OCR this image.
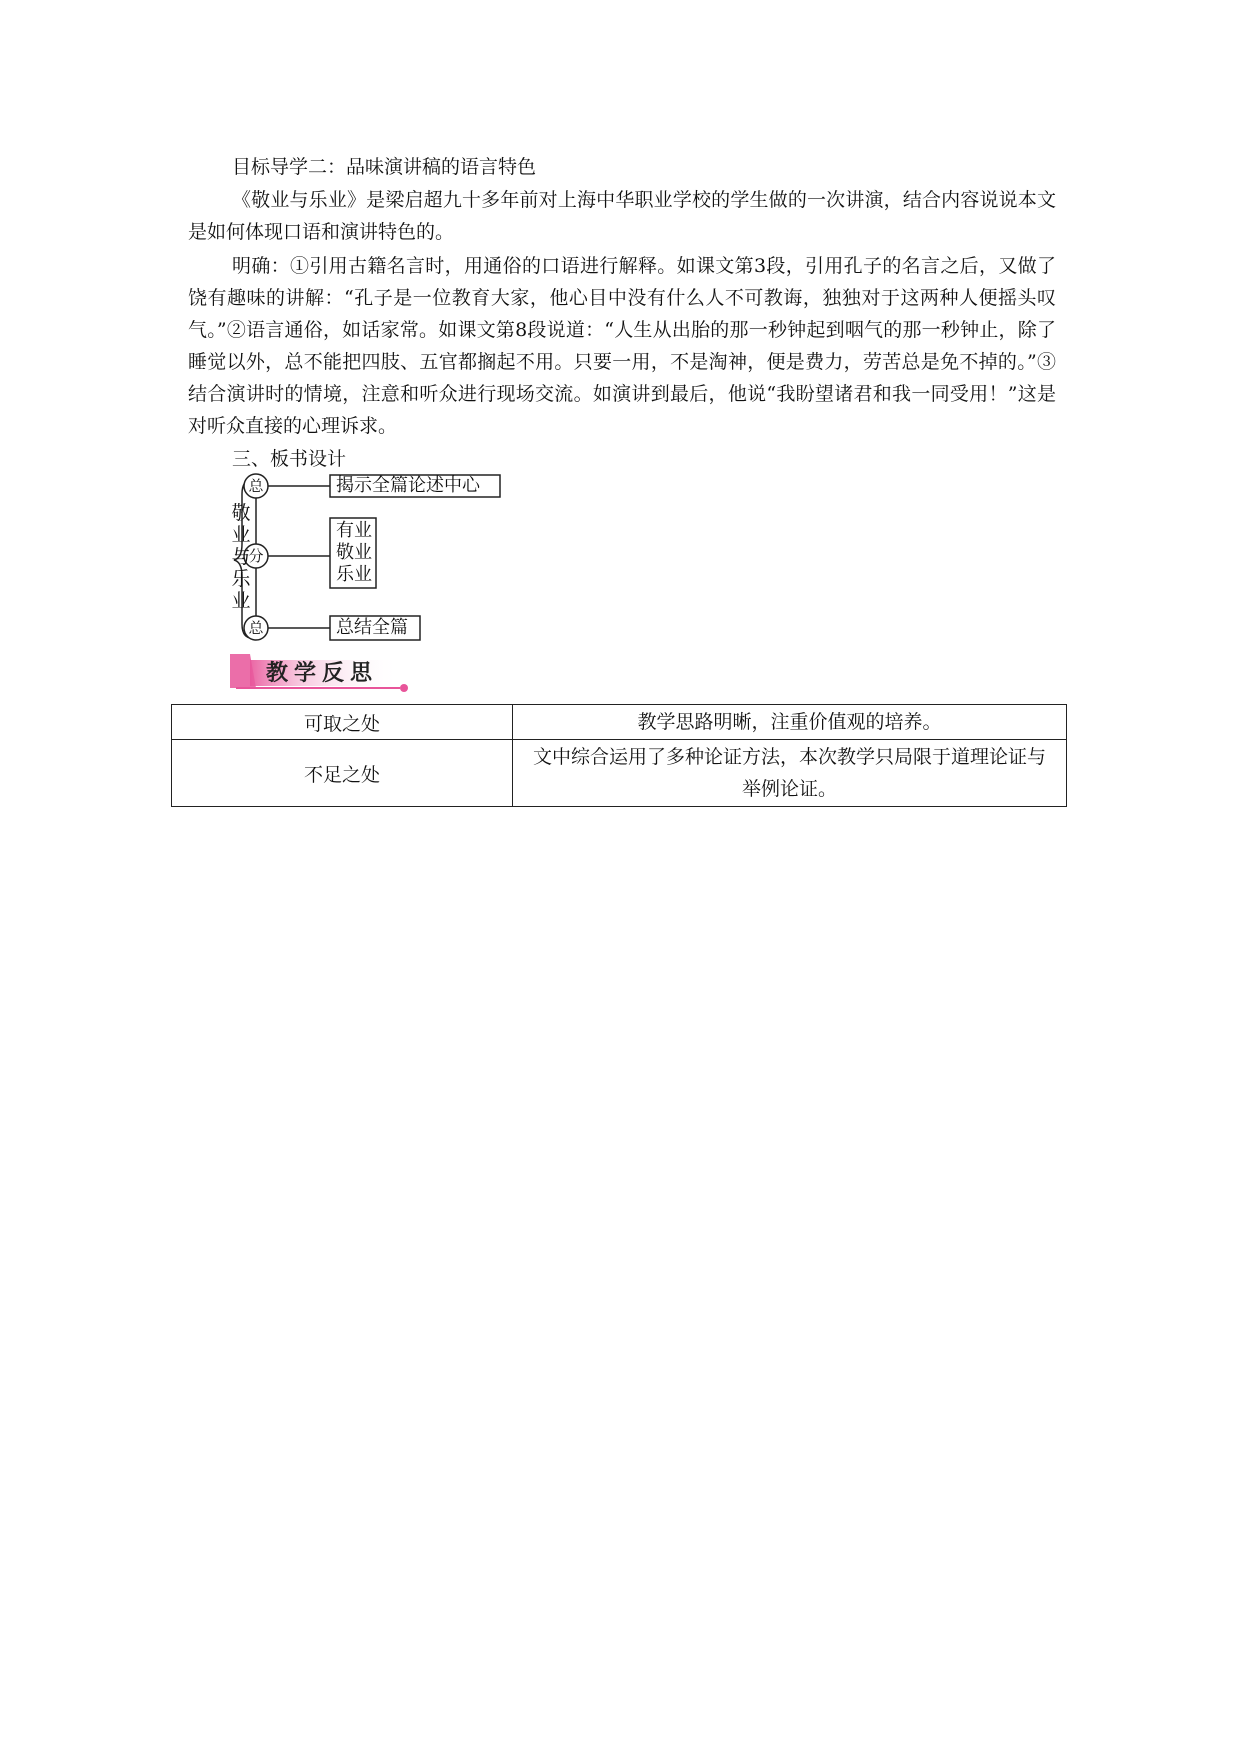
目标导学二：品味演讲稿的语言特色
《敬业与乐业》是梁启超九十多年前对上海中华职业学校的学生做的一次讲演，结合内容说说本文是如何体现口语和演讲特色的。
明确：①引用古籍名言时，用通俗的口语进行解释。如课文第3段，引用孔子的名言之后，又做了饶有趣味的讲解：“孔子是一位教育大家，他心目中没有什么人不可教诲，独独对于这两种人便摇头叹气。”②语言通俗，如话家常。如课文第8段说道：“人生从出胎的那一秒钟起到咽气的那一秒钟止，除了睡觉以外，总不能把四肢、五官都搁起不用。只要一用，不是淘神，便是费力，劳苦总是免不掉的。”③结合演讲时的情境，注意和听众进行现场交流。如演讲到最后，他说“我盼望诸君和我一同受用！”这是对听众直接的心理诉求。
三、板书设计
敬
业
与
乐
业
总
分
总
揭示全篇论述中心
有业
敬业
乐业
总结全篇
教学反思
可取之处	教学思路明晰，注重价值观的培养。
不足之处	文中综合运用了多种论证方法，本次教学只局限于道理论证与举例论证。
